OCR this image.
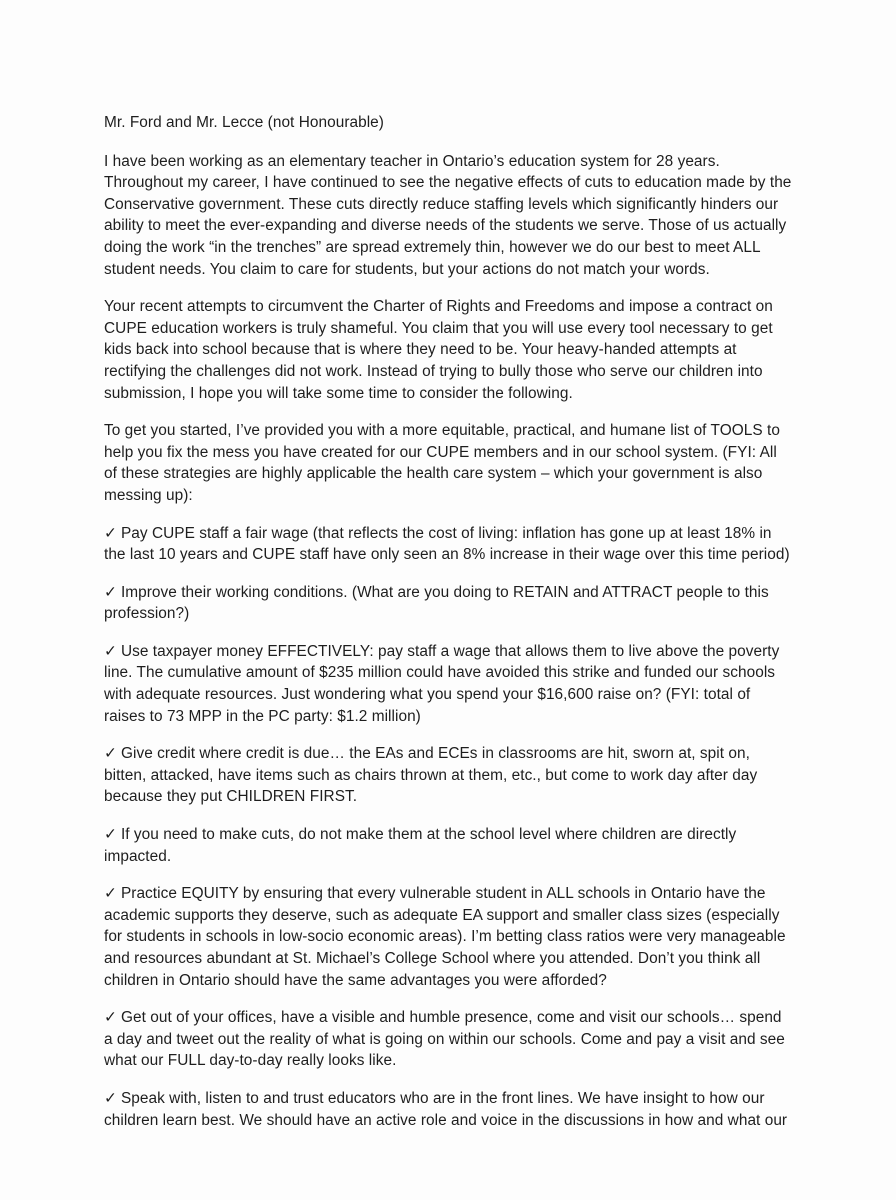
Mr. Ford and Mr. Lecce (not Honourable)

I have been working as an elementary teacher in Ontario’s education system for 28 years. Throughout my career, I have continued to see the negative effects of cuts to education made by the Conservative government. These cuts directly reduce staffing levels which significantly hinders our ability to meet the ever-expanding and diverse needs of the students we serve. Those of us actually doing the work “in the trenches” are spread extremely thin, however we do our best to meet ALL student needs. You claim to care for students, but your actions do not match your words.

Your recent attempts to circumvent the Charter of Rights and Freedoms and impose a contract on CUPE education workers is truly shameful. You claim that you will use every tool necessary to get kids back into school because that is where they need to be. Your heavy-handed attempts at rectifying the challenges did not work. Instead of trying to bully those who serve our children into submission, I hope you will take some time to consider the following.

To get you started, I’ve provided you with a more equitable, practical, and humane list of TOOLS to help you fix the mess you have created for our CUPE members and in our school system. (FYI: All of these strategies are highly applicable the health care system – which your government is also messing up):

✓ Pay CUPE staff a fair wage (that reflects the cost of living: inflation has gone up at least 18% in the last 10 years and CUPE staff have only seen an 8% increase in their wage over this time period)

✓ Improve their working conditions. (What are you doing to RETAIN and ATTRACT people to this profession?)

✓ Use taxpayer money EFFECTIVELY: pay staff a wage that allows them to live above the poverty line. The cumulative amount of $235 million could have avoided this strike and funded our schools with adequate resources. Just wondering what you spend your $16,600 raise on? (FYI: total of raises to 73 MPP in the PC party: $1.2 million)

✓ Give credit where credit is due… the EAs and ECEs in classrooms are hit, sworn at, spit on, bitten, attacked, have items such as chairs thrown at them, etc., but come to work day after day because they put CHILDREN FIRST.

✓ If you need to make cuts, do not make them at the school level where children are directly impacted.

✓ Practice EQUITY by ensuring that every vulnerable student in ALL schools in Ontario have the academic supports they deserve, such as adequate EA support and smaller class sizes (especially for students in schools in low-socio economic areas). I’m betting class ratios were very manageable and resources abundant at St. Michael’s College School where you attended. Don’t you think all children in Ontario should have the same advantages you were afforded?

✓ Get out of your offices, have a visible and humble presence, come and visit our schools… spend a day and tweet out the reality of what is going on within our schools. Come and pay a visit and see what our FULL day-to-day really looks like.

✓ Speak with, listen to and trust educators who are in the front lines. We have insight to how our children learn best. We should have an active role and voice in the discussions in how and what our
